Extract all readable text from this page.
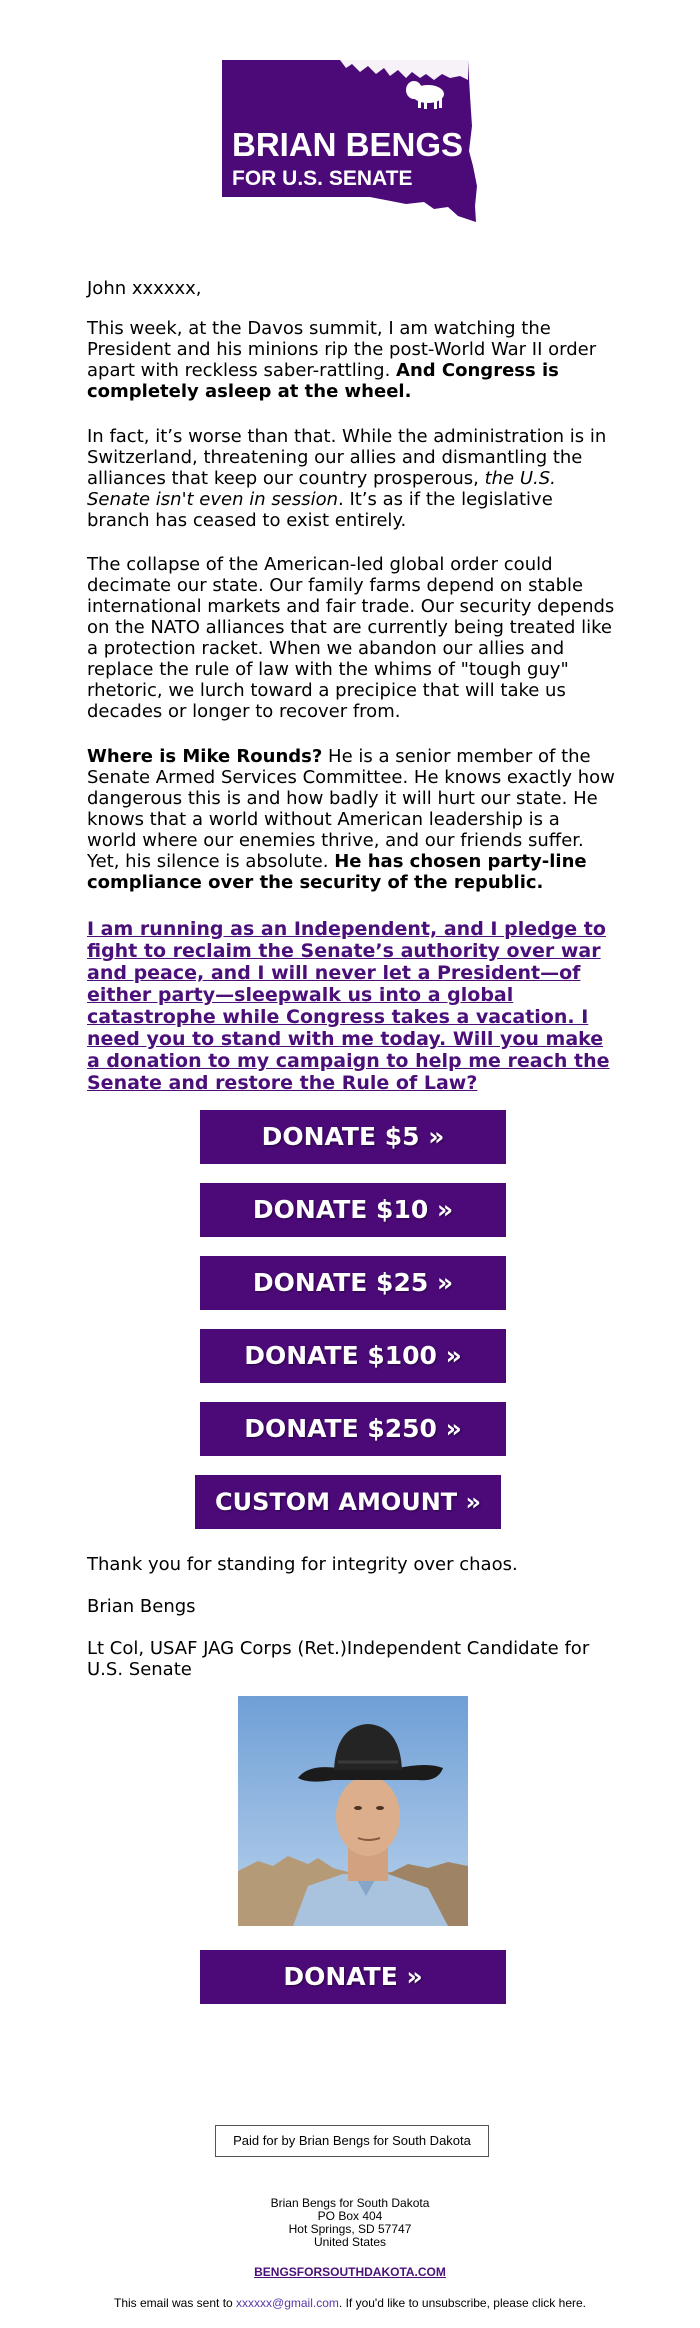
BRIAN BENGS
FOR U.S. SENATE

John xxxxxx,

This week, at the Davos summit, I am watching the President and his minions rip the post-World War II order apart with reckless saber-rattling. And Congress is completely asleep at the wheel.

In fact, it’s worse than that. While the administration is in Switzerland, threatening our allies and dismantling the alliances that keep our country prosperous, the U.S. Senate isn't even in session. It’s as if the legislative branch has ceased to exist entirely.

The collapse of the American-led global order could decimate our state. Our family farms depend on stable international markets and fair trade. Our security depends on the NATO alliances that are currently being treated like a protection racket. When we abandon our allies and replace the rule of law with the whims of "tough guy" rhetoric, we lurch toward a precipice that will take us decades or longer to recover from.

Where is Mike Rounds? He is a senior member of the Senate Armed Services Committee. He knows exactly how dangerous this is and how badly it will hurt our state. He knows that a world without American leadership is a world where our enemies thrive, and our friends suffer. Yet, his silence is absolute. He has chosen party-line compliance over the security of the republic.

I am running as an Independent, and I pledge to fight to reclaim the Senate’s authority over war and peace, and I will never let a President—of either party—sleepwalk us into a global catastrophe while Congress takes a vacation. I need you to stand with me today. Will you make a donation to my campaign to help me reach the Senate and restore the Rule of Law?

DONATE $5 »
DONATE $10 »
DONATE $25 »
DONATE $100 »
DONATE $250 »
CUSTOM AMOUNT »

Thank you for standing for integrity over chaos.

Brian Bengs

Lt Col, USAF JAG Corps (Ret.)Independent Candidate for U.S. Senate

DONATE »
Paid for by Brian Bengs for South Dakota
Brian Bengs for South Dakota
PO Box 404
Hot Springs, SD 57747
United States
BENGSFORSOUTHDAKOTA.COM
This email was sent to xxxxxx@gmail.com. If you'd like to unsubscribe, please click here.
